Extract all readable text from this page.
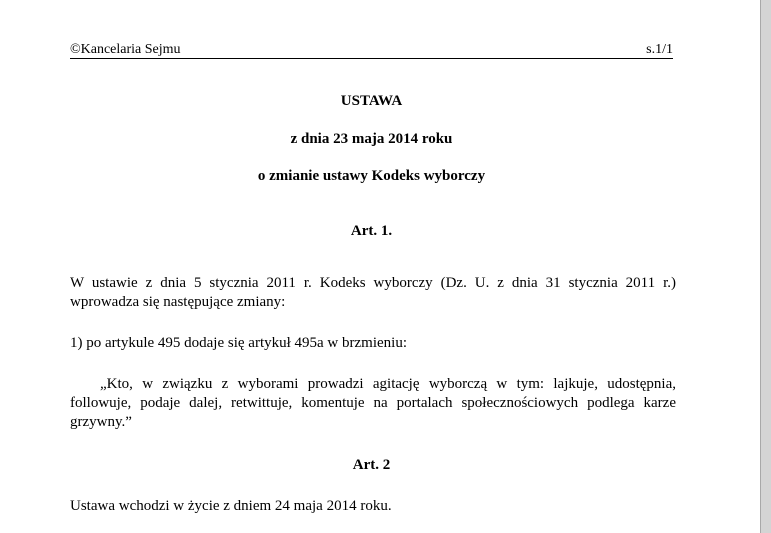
©Kancelaria Sejmu	s.1/1
USTAWA
z dnia 23 maja 2014 roku
o zmianie ustawy Kodeks wyborczy
Art. 1.
W ustawie z dnia 5 stycznia 2011 r. Kodeks wyborczy (Dz. U. z dnia 31 stycznia 2011 r.) wprowadza się następujące zmiany:
1) po artykule 495 dodaje się artykuł 495a w brzmieniu:
„Kto, w związku z wyborami prowadzi agitację wyborczą w tym: lajkuje, udostępnia, followuje, podaje dalej, retwittuje, komentuje na portalach społecznościowych podlega karze grzywny.”
Art. 2
Ustawa wchodzi w życie z dniem 24 maja 2014 roku.
